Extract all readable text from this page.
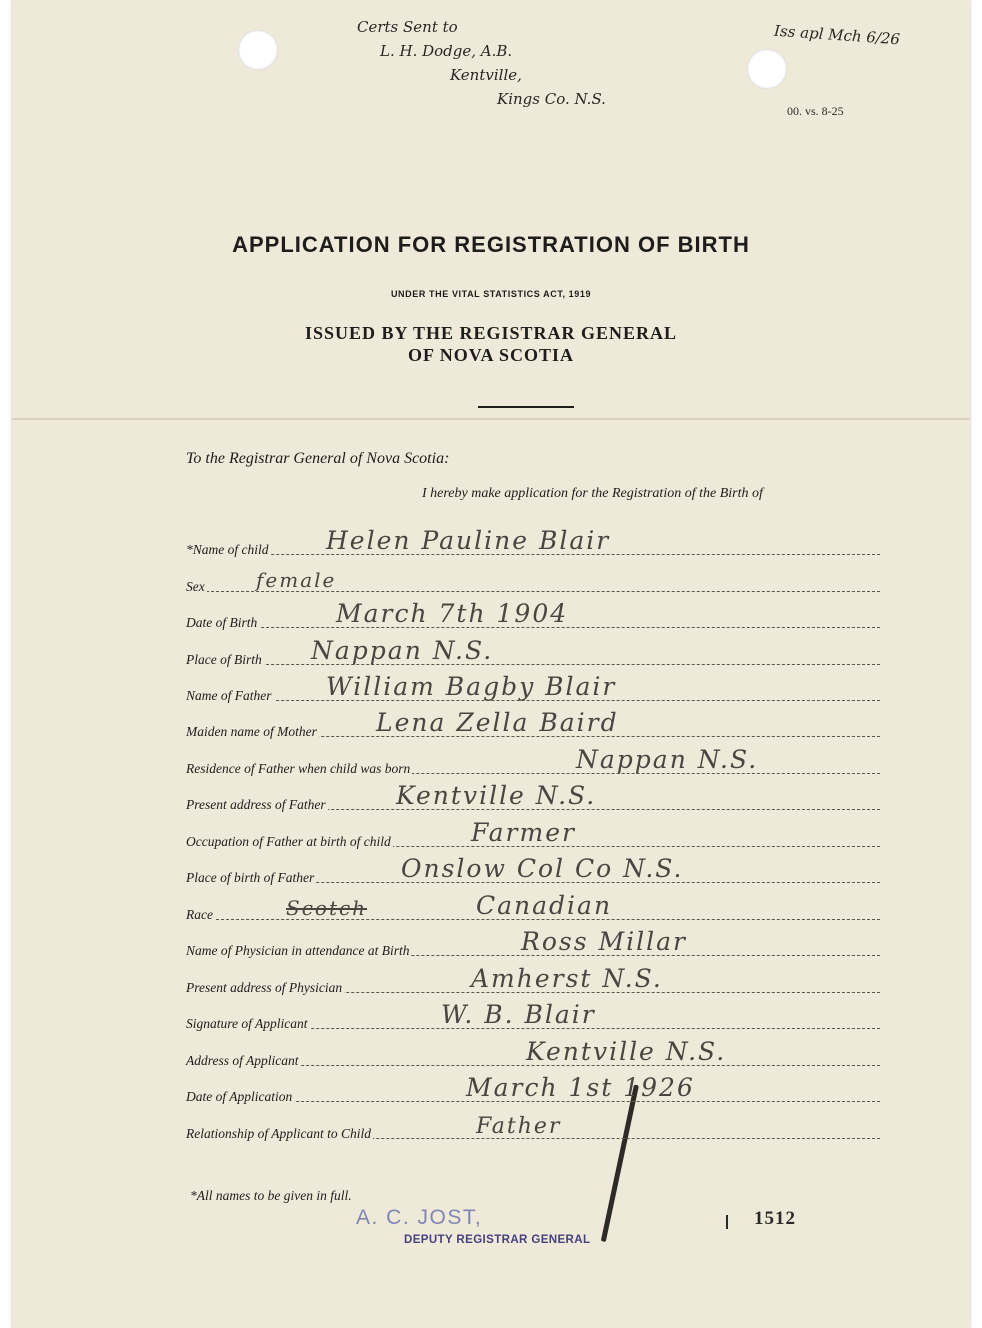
Certs Sent to
L. H. Dodge, A.B.
Kentville,
Kings Co. N.S.
Iss apl Mch 6/26
00. vs. 8-25
APPLICATION FOR REGISTRATION OF BIRTH
UNDER THE VITAL STATISTICS ACT, 1919
ISSUED BY THE REGISTRAR GENERAL
OF NOVA SCOTIA
To the Registrar General of Nova Scotia:
I hereby make application for the Registration of the Birth of
*Name of child Helen Pauline Blair
Sex	female
Date of Birth	March 7th 1904
Place of Birth Nappan N.S.
Name of Father William Bagby Blair
Maiden name of Mother Lena Zella Baird
Residence of Father when child was born	Nappan N.S.
Present address of Father	Kentville N.S.
Occupation of Father at birth of child	Farmer
Place of birth of Father	Onslow Col Co N.S.
Race	Scotch	Canadian
Name of Physician in attendance at Birth	Ross Millar
Present address of Physician	Amherst N.S.
Signature of Applicant	W. B. Blair
Address of Applicant	Kentville N.S.
Date of Application	March 1st 1926
Relationship of Applicant to Child	Father
*All names to be given in full.
A. C. JOST,
DEPUTY REGISTRAR GENERAL
1512
